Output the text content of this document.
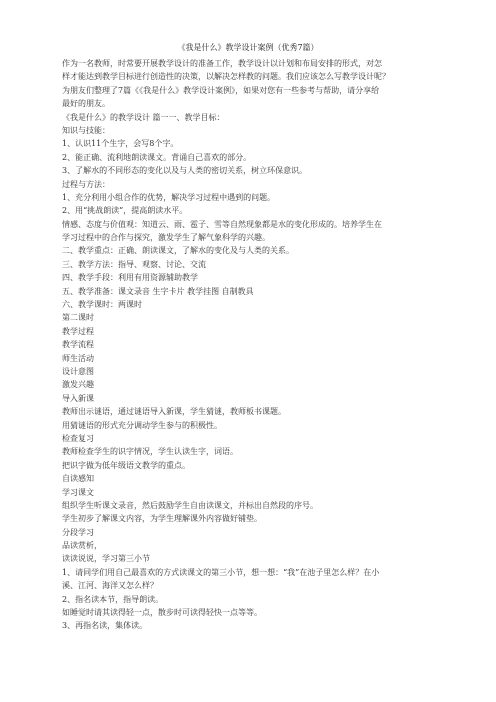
《我是什么》教学设计案例（优秀7篇）
作为一名教师，时常要开展教学设计的准备工作，教学设计以计划和布局安排的形式，对怎
样才能达到教学目标进行创造性的决策，以解决怎样教的问题。我们应该怎么写教学设计呢？
为朋友们整理了7篇《《我是什么》教学设计案例》，如果对您有一些参考与帮助，请分享给
最好的朋友。
《我是什么》的教学设计 篇一一、教学目标：
知识与技能：
1、认识11个生字，会写8个字。
2、能正确、流利地朗读课文。背诵自己喜欢的部分。
3、了解水的不同形态的变化以及与人类的密切关系，树立环保意识。
过程与方法：
1、充分利用小组合作的优势，解决学习过程中遇到的问题。
2、用“挑战朗读”，提高朗读水平。
情感、态度与价值观：知道云、雨、雹子、雪等自然现象都是水的变化形成的。培养学生在
学习过程中的合作与探究，激发学生了解气象科学的兴趣。
二、教学重点：正确、朗读课文，了解水的变化及与人类的关系。
三、教学方法：指导、观察、讨论、交流
四、教学手段：利用有用资源辅助教学
五、教学准备：课文录音 生字卡片 教学挂图 自制教具
六、教学课时：两课时
第二课时
教学过程
教学流程
师生活动
设计意图
激发兴趣
导入新课
教师出示谜语，通过谜语导入新课，学生猜谜，教师板书课题。
用猜谜语的形式充分调动学生参与的积极性。
检查复习
教师检查学生的识字情况，学生认读生字，词语。
把识字做为低年级语文教学的重点。
自读感知
学习课文
组织学生听课文录音，然后鼓励学生自由读课文，并标出自然段的序号。
学生初步了解课文内容，为学生理解课外内容做好铺垫。
分段学习
品读赏析，
读读说说，学习第三小节
1、请同学们用自己最喜欢的方式读课文的第三小节，想一想：“我”在池子里怎么样？在小
溪、江河、海洋又怎么样？
2、指名读本节，指导朗读。
如睡觉时请其读得轻一点，散步时可读得轻快一点等等。
3、再指名读，集体读。
